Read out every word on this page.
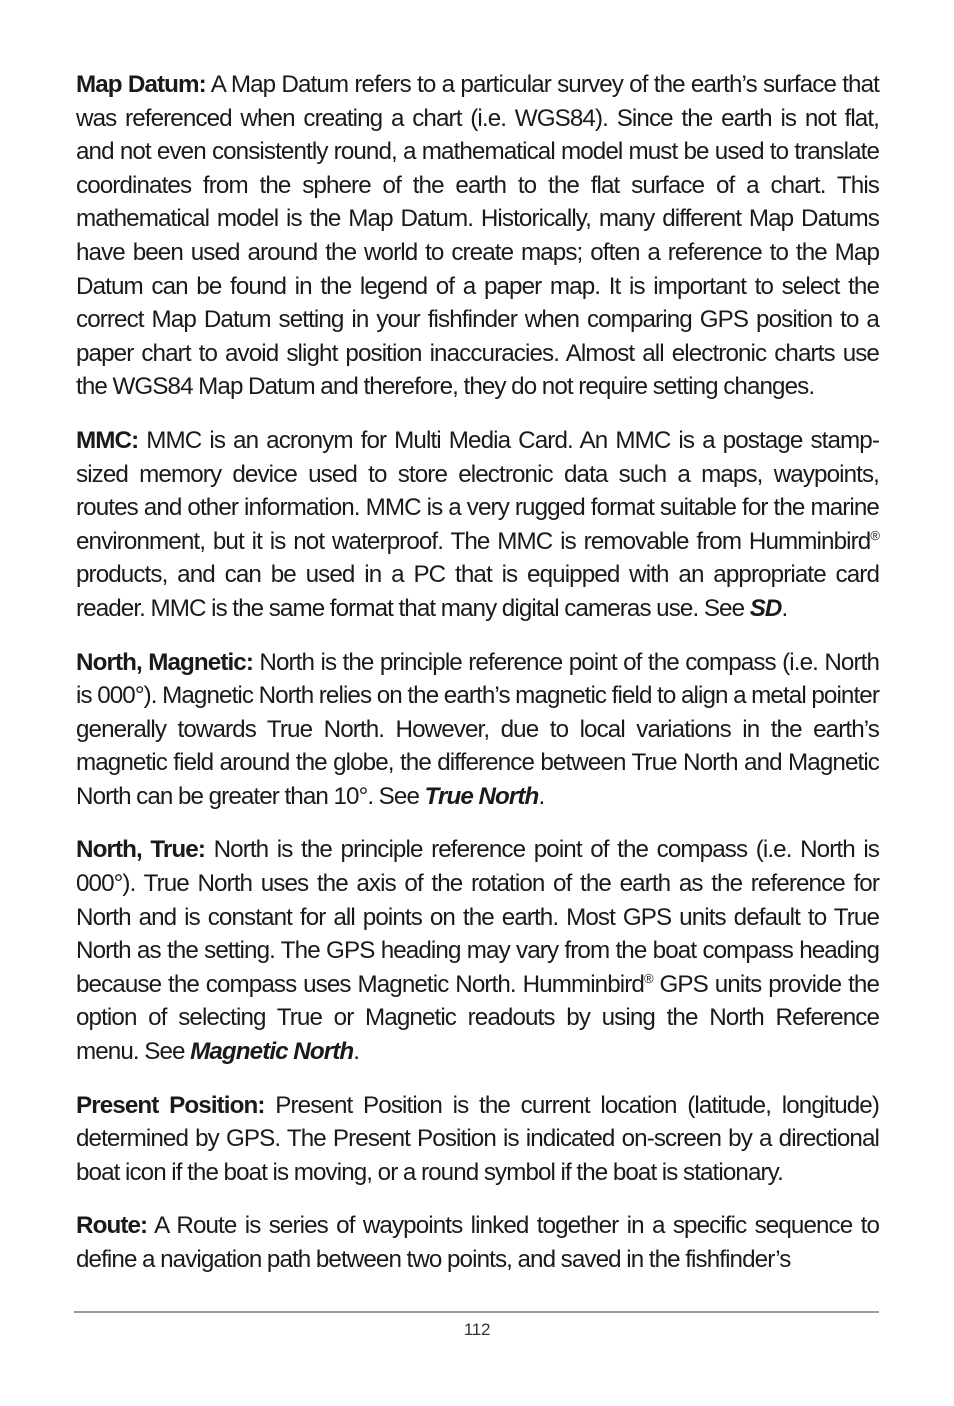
Map Datum: A Map Datum refers to a particular survey of the earth’s surface that was referenced when creating a chart (i.e. WGS84). Since the earth is not flat, and not even consistently round, a mathematical model must be used to translate coordinates from the sphere of the earth to the flat surface of a chart. This mathematical model is the Map Datum. Historically, many different Map Datums have been used around the world to create maps; often a reference to the Map Datum can be found in the legend of a paper map. It is important to select the correct Map Datum setting in your fishfinder when comparing GPS position to a paper chart to avoid slight position inaccuracies. Almost all electronic charts use the WGS84 Map Datum and therefore, they do not require setting changes.

MMC: MMC is an acronym for Multi Media Card. An MMC is a postage stamp-sized memory device used to store electronic data such a maps, waypoints, routes and other information. MMC is a very rugged format suitable for the marine environment, but it is not waterproof. The MMC is removable from Humminbird® products, and can be used in a PC that is equipped with an appropriate card reader. MMC is the same format that many digital cameras use. See SD.

North, Magnetic: North is the principle reference point of the compass (i.e. North is 000°). Magnetic North relies on the earth’s magnetic field to align a metal pointer generally towards True North. However, due to local variations in the earth’s magnetic field around the globe, the difference between True North and Magnetic North can be greater than 10°. See True North.

North, True: North is the principle reference point of the compass (i.e. North is 000°). True North uses the axis of the rotation of the earth as the reference for North and is constant for all points on the earth. Most GPS units default to True North as the setting. The GPS heading may vary from the boat compass heading because the compass uses Magnetic North. Humminbird® GPS units provide the option of selecting True or Magnetic readouts by using the North Reference menu. See Magnetic North.

Present Position: Present Position is the current location (latitude, longitude) determined by GPS. The Present Position is indicated on-screen by a directional boat icon if the boat is moving, or a round symbol if the boat is stationary.

Route: A Route is series of waypoints linked together in a specific sequence to define a navigation path between two points, and saved in the fishfinder’s

112
